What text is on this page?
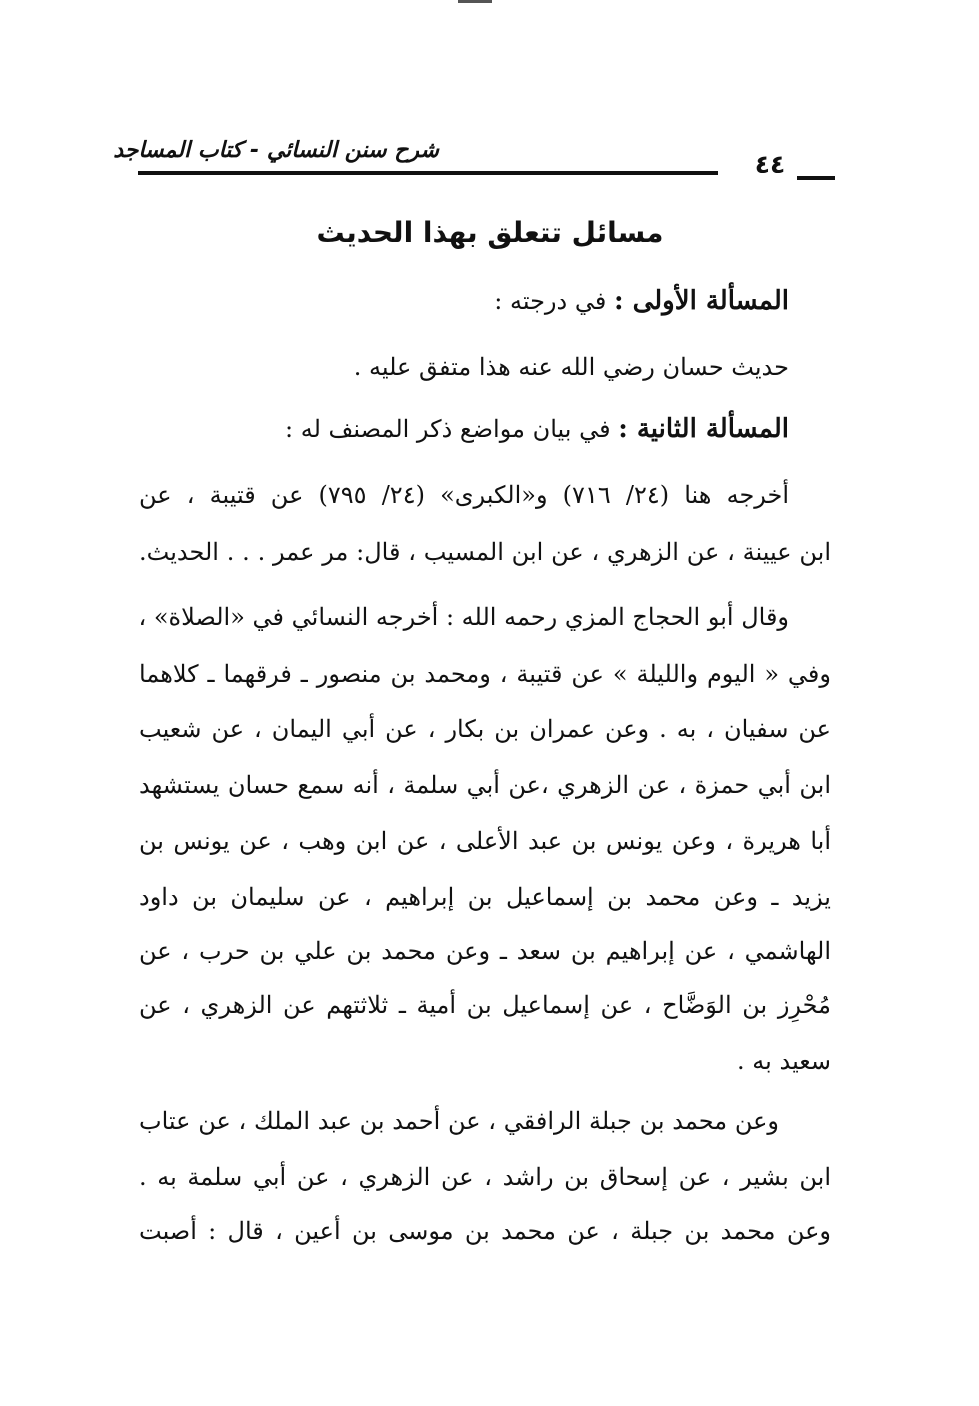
شرح سنن النسائي - كتاب المساجد	٤٤
مسائل تتعلق بهذا الحديث
المسألة الأولى : في درجته :
حديث حسان رضي الله عنه هذا متفق عليه .
المسألة الثانية : في بيان مواضع ذكر المصنف له :
أخرجه هنا (٢٤/ ٧١٦) و«الكبرى» (٢٤/ ٧٩٥) عن قتيبة ، عن
ابن عيينة ، عن الزهري ، عن ابن المسيب ، قال: مر عمر . . . الحديث.
وقال أبو الحجاج المزي رحمه الله : أخرجه النسائي في «الصلاة» ،
وفي « اليوم والليلة » عن قتيبة ، ومحمد بن منصور ـ فرقهما ـ كلاهما
عن سفيان ، به . وعن عمران بن بكار ، عن أبي اليمان ، عن شعيب
ابن أبي حمزة ، عن الزهري ،عن أبي سلمة ، أنه سمع حسان يستشهد
أبا هريرة ، وعن يونس بن عبد الأعلى ، عن ابن وهب ، عن يونس بن
يزيد ـ وعن محمد بن إسماعيل بن إبراهيم ، عن سليمان بن داود
الهاشمي ، عن إبراهيم بن سعد ـ وعن محمد بن علي بن حرب ، عن
مُحْرِز بن الوَضَّاح ، عن إسماعيل بن أمية ـ ثلاثتهم عن الزهري ، عن
سعيد به .
وعن محمد بن جبلة الرافقي ، عن أحمد بن عبد الملك ، عن عتاب
ابن بشير ، عن إسحاق بن راشد ، عن الزهري ، عن أبي سلمة به .
وعن محمد بن جبلة ، عن محمد بن موسى بن أعين ، قال : أصبت
